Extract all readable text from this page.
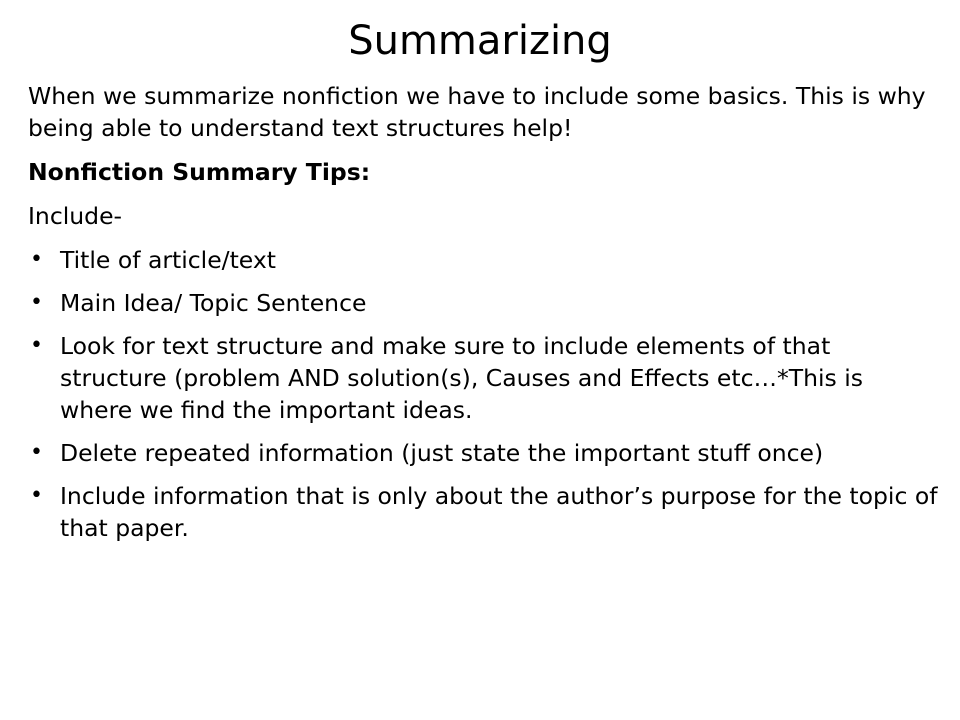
Summarizing

When we summarize nonfiction we have to include some basics. This is why being able to understand text structures help!

Nonfiction Summary Tips:

Include-

• Title of article/text
• Main Idea/ Topic Sentence
• Look for text structure and make sure to include elements of that structure (problem AND solution(s), Causes and Effects etc…*This is where we find the important ideas.
• Delete repeated information (just state the important stuff once)
• Include information that is only about the author’s purpose for the topic of that paper.
